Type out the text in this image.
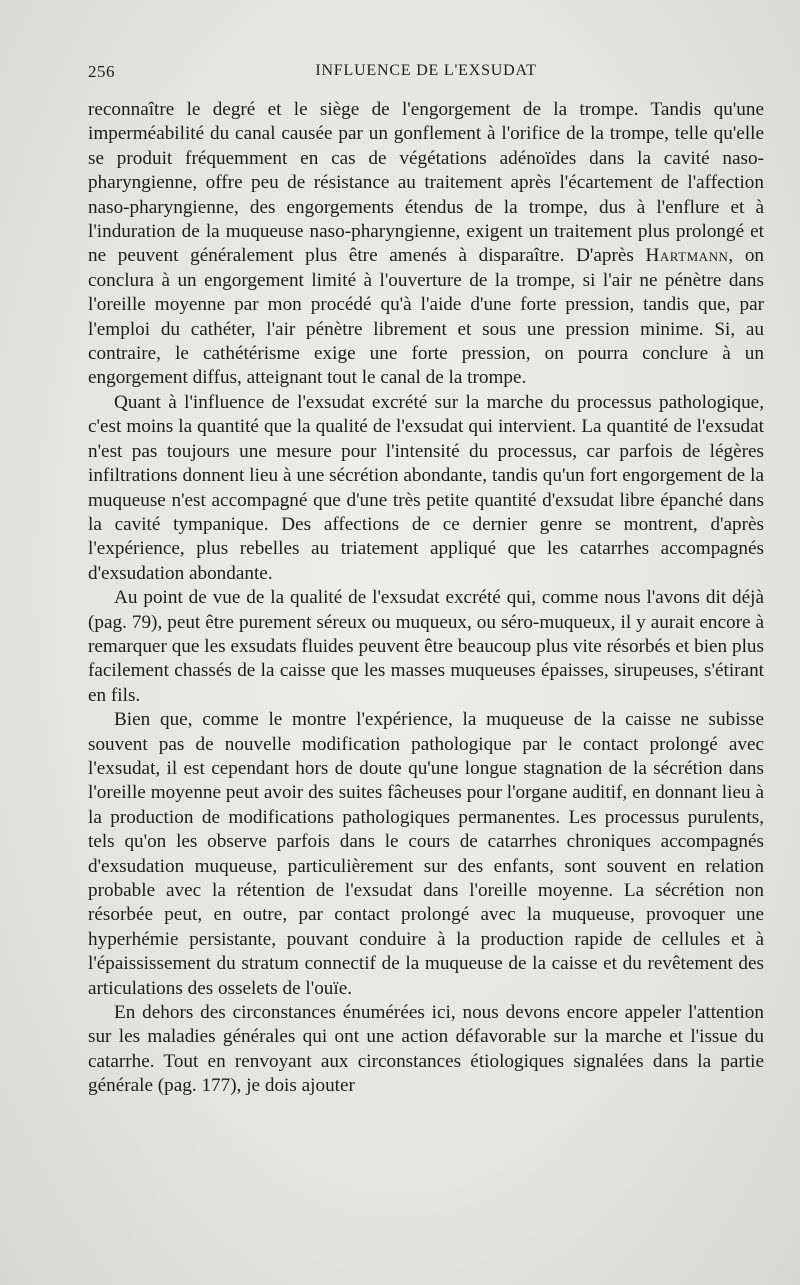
256	INFLUENCE DE L'EXSUDAT

reconnaître le degré et le siège de l'engorgement de la trompe. Tandis qu'une imperméabilité du canal causée par un gonflement à l'orifice de la trompe, telle qu'elle se produit fréquemment en cas de végétations adénoïdes dans la cavité naso-pharyngienne, offre peu de résistance au traitement après l'écartement de l'affection naso-pharyngienne, des engorgements étendus de la trompe, dus à l'enflure et à l'induration de la muqueuse naso-pharyngienne, exigent un traitement plus prolongé et ne peuvent généralement plus être amenés à disparaître. D'après Hartmann, on conclura à un engorgement limité à l'ouverture de la trompe, si l'air ne pénètre dans l'oreille moyenne par mon procédé qu'à l'aide d'une forte pression, tandis que, par l'emploi du cathéter, l'air pénètre librement et sous une pression minime. Si, au contraire, le cathétérisme exige une forte pression, on pourra conclure à un engorgement diffus, atteignant tout le canal de la trompe.

Quant à l'influence de l'exsudat excrété sur la marche du processus pathologique, c'est moins la quantité que la qualité de l'exsudat qui intervient. La quantité de l'exsudat n'est pas toujours une mesure pour l'intensité du processus, car parfois de légères infiltrations donnent lieu à une sécrétion abondante, tandis qu'un fort engorgement de la muqueuse n'est accompagné que d'une très petite quantité d'exsudat libre épanché dans la cavité tympanique. Des affections de ce dernier genre se montrent, d'après l'expérience, plus rebelles au triatement appliqué que les catarrhes accompagnés d'exsudation abondante.

Au point de vue de la qualité de l'exsudat excrété qui, comme nous l'avons dit déjà (pag. 79), peut être purement séreux ou muqueux, ou séro-muqueux, il y aurait encore à remarquer que les exsudats fluides peuvent être beaucoup plus vite résorbés et bien plus facilement chassés de la caisse que les masses muqueuses épaisses, sirupeuses, s'étirant en fils.

Bien que, comme le montre l'expérience, la muqueuse de la caisse ne subisse souvent pas de nouvelle modification pathologique par le contact prolongé avec l'exsudat, il est cependant hors de doute qu'une longue stagnation de la sécrétion dans l'oreille moyenne peut avoir des suites fâcheuses pour l'organe auditif, en donnant lieu à la production de modifications pathologiques permanentes. Les processus purulents, tels qu'on les observe parfois dans le cours de catarrhes chroniques accompagnés d'exsudation muqueuse, particulièrement sur des enfants, sont souvent en relation probable avec la rétention de l'exsudat dans l'oreille moyenne. La sécrétion non résorbée peut, en outre, par contact prolongé avec la muqueuse, provoquer une hyperhémie persistante, pouvant conduire à la production rapide de cellules et à l'épaississement du stratum connectif de la muqueuse de la caisse et du revêtement des articulations des osselets de l'ouïe.

En dehors des circonstances énumérées ici, nous devons encore appeler l'attention sur les maladies générales qui ont une action défavorable sur la marche et l'issue du catarrhe. Tout en renvoyant aux circonstances étiologiques signalées dans la partie générale (pag. 177), je dois ajouter
